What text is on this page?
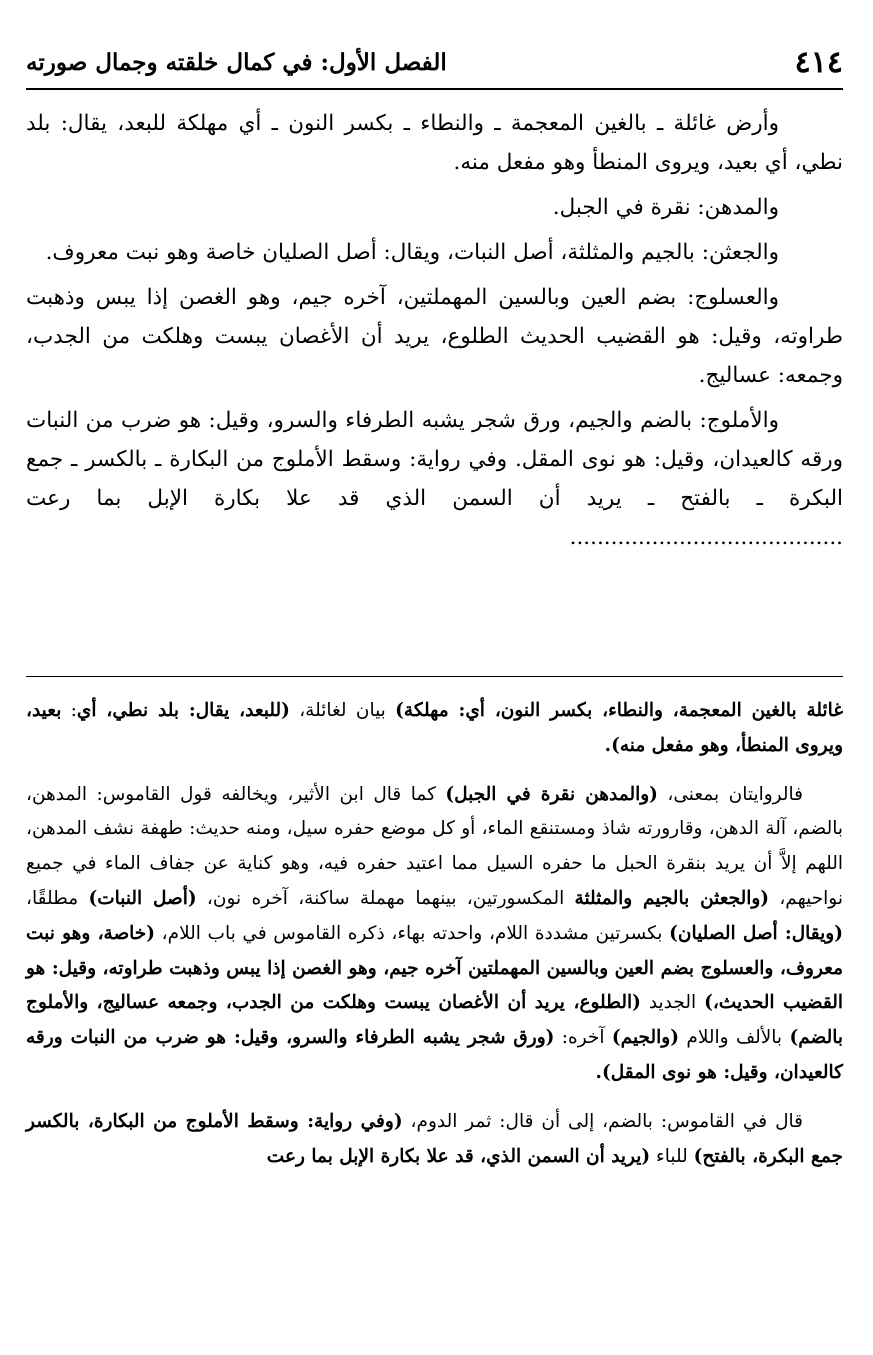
٤١٤
الفصل الأول: في كمال خلقته وجمال صورته

وأرض غائلة ـ بالغين المعجمة ـ والنطاء ـ بكسر النون ـ أي مهلكة للبعد، يقال: بلد نطي، أي بعيد، ويروى المنطأ وهو مفعل منه.

والمدهن: نقرة في الجبل.

والجعثن: بالجيم والمثلثة، أصل النبات، ويقال: أصل الصليان خاصة وهو نبت معروف.

والعسلوج: بضم العين وبالسين المهملتين، آخره جيم، وهو الغصن إذا يبس وذهبت طراوته، وقيل: هو القضيب الحديث الطلوع، يريد أن الأغصان يبست وهلكت من الجدب، وجمعه: عساليج.

والأملوج: بالضم والجيم، ورق شجر يشبه الطرفاء والسرو، وقيل: هو ضرب من النبات ورقه كالعيدان، وقيل: هو نوى المقل. وفي رواية: وسقط الأملوج من البكارة ـ بالكسر ـ جمع البكرة ـ بالفتح ـ يريد أن السمن الذي قد علا بكارة الإبل بما رعت ........................................

غائلة بالغين المعجمة، والنطاء، بكسر النون، أي: مهلكة) بيان لغائلة، (للبعد، يقال: بلد نطي، أي: بعيد، ويروى المنطأ، وهو مفعل منه).

فالروايتان بمعنى، (والمدهن نقرة في الجبل) كما قال ابن الأثير، ويخالفه قول القاموس: المدهن، بالضم، آلة الدهن، وقارورته شاذ ومستنقع الماء، أو كل موضع حفره سيل، ومنه حديث: طهفة نشف المدهن، اللهم إلاَّ أن يريد بنقرة الحبل ما حفره السيل مما اعتيد حفره فيه، وهو كناية عن جفاف الماء في جميع نواحيهم، (والجعثن بالجيم والمثلثة المكسورتين، بينهما مهملة ساكنة، آخره نون، (أصل النبات) مطلقًا، (ويقال: أصل الصليان) بكسرتين مشددة اللام، واحدته بهاء، ذكره القاموس في باب اللام، (خاصة، وهو نبت معروف، والعسلوج بضم العين وبالسين المهملتين آخره جيم، وهو الغصن إذا يبس وذهبت طراوته، وقيل: هو القضيب الحديث،) الجديد (الطلوع، يريد أن الأغصان يبست وهلكت من الجدب، وجمعه عساليج، والأملوج بالضم) بالألف واللام (والجيم) آخره: (ورق شجر يشبه الطرفاء والسرو، وقيل: هو ضرب من النبات ورقه كالعيدان، وقيل: هو نوى المقل).

قال في القاموس: بالضم، إلى أن قال: ثمر الدوم، (وفي رواية: وسقط الأملوج من البكارة، بالكسر جمع البكرة، بالفتح) للباء (يريد أن السمن الذي، قد علا بكارة الإبل بما رعت
